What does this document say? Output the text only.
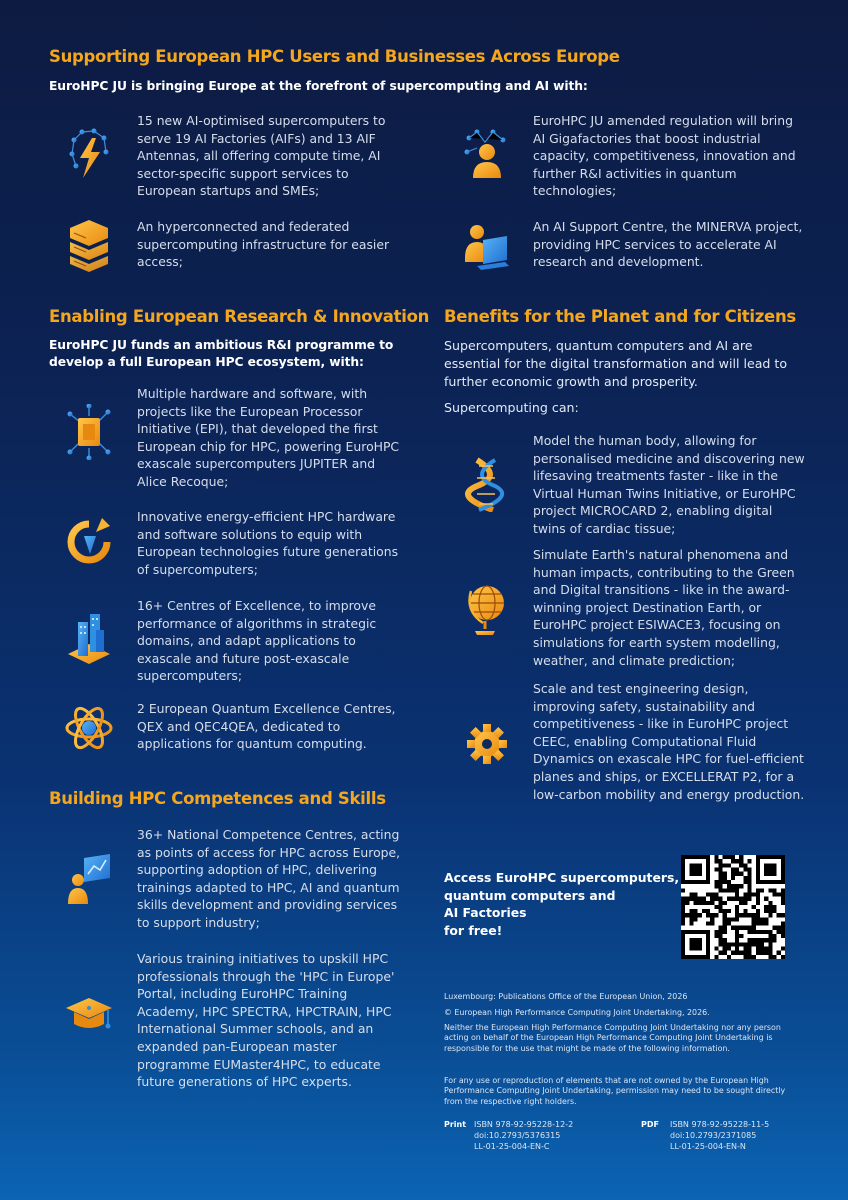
Supporting European HPC Users and Businesses Across Europe

EuroHPC JU is bringing Europe at the forefront of supercomputing and AI with:

15 new AI-optimised supercomputers to serve 19 AI Factories (AIFs) and 13 AIF Antennas, all offering compute time, AI sector-specific support services to European startups and SMEs;

An hyperconnected and federated supercomputing infrastructure for easier access;

EuroHPC JU amended regulation will bring AI Gigafactories that boost industrial capacity, competitiveness, innovation and further R&I activities in quantum technologies;

An AI Support Centre, the MINERVA project, providing HPC services to accelerate AI research and development.

Enabling European Research & Innovation

EuroHPC JU funds an ambitious R&I programme to develop a full European HPC ecosystem, with:

Multiple hardware and software, with projects like the European Processor Initiative (EPI), that developed the first European chip for HPC, powering EuroHPC exascale supercomputers JUPITER and Alice Recoque;

Innovative energy-efficient HPC hardware and software solutions to equip with European technologies future generations of supercomputers;

16+ Centres of Excellence, to improve performance of algorithms in strategic domains, and adapt applications to exascale and future post-exascale supercomputers;

2 European Quantum Excellence Centres, QEX and QEC4QEA, dedicated to applications for quantum computing.

Building HPC Competences and Skills

36+ National Competence Centres, acting as points of access for HPC across Europe, supporting adoption of HPC, delivering trainings adapted to HPC, AI and quantum skills development and providing services to support industry;

Various training initiatives to upskill HPC professionals through the 'HPC in Europe' Portal, including EuroHPC Training Academy, HPC SPECTRA, HPCTRAIN, HPC International Summer schools, and an expanded pan-European master programme EUMaster4HPC, to educate future generations of HPC experts.

Benefits for the Planet and for Citizens

Supercomputers, quantum computers and AI are essential for the digital transformation and will lead to further economic growth and prosperity.

Supercomputing can:

Model the human body, allowing for personalised medicine and discovering new lifesaving treatments faster - like in the Virtual Human Twins Initiative, or EuroHPC project MICROCARD 2, enabling digital twins of cardiac tissue;

Simulate Earth's natural phenomena and human impacts, contributing to the Green and Digital transitions - like in the award-winning project Destination Earth, or EuroHPC project ESIWACE3, focusing on simulations for earth system modelling, weather, and climate prediction;

Scale and test engineering design, improving safety, sustainability and competitiveness - like in EuroHPC project CEEC, enabling Computational Fluid Dynamics on exascale HPC for fuel-efficient planes and ships, or EXCELLERAT P2, for a low-carbon mobility and energy production.

Access EuroHPC supercomputers,
quantum computers and
AI Factories
for free!

Luxembourg: Publications Office of the European Union, 2026

© European High Performance Computing Joint Undertaking, 2026.

Neither the European High Performance Computing Joint Undertaking nor any person acting on behalf of the European High Performance Computing Joint Undertaking is responsible for the use that might be made of the following information.

For any use or reproduction of elements that are not owned by the European High Performance Computing Joint Undertaking, permission may need to be sought directly from the respective right holders.

Print ISBN 978-92-95228-12-2
doi:10.2793/5376315
LL-01-25-004-EN-C
PDF ISBN 978-92-95228-11-5
doi:10.2793/2371085
LL-01-25-004-EN-N
